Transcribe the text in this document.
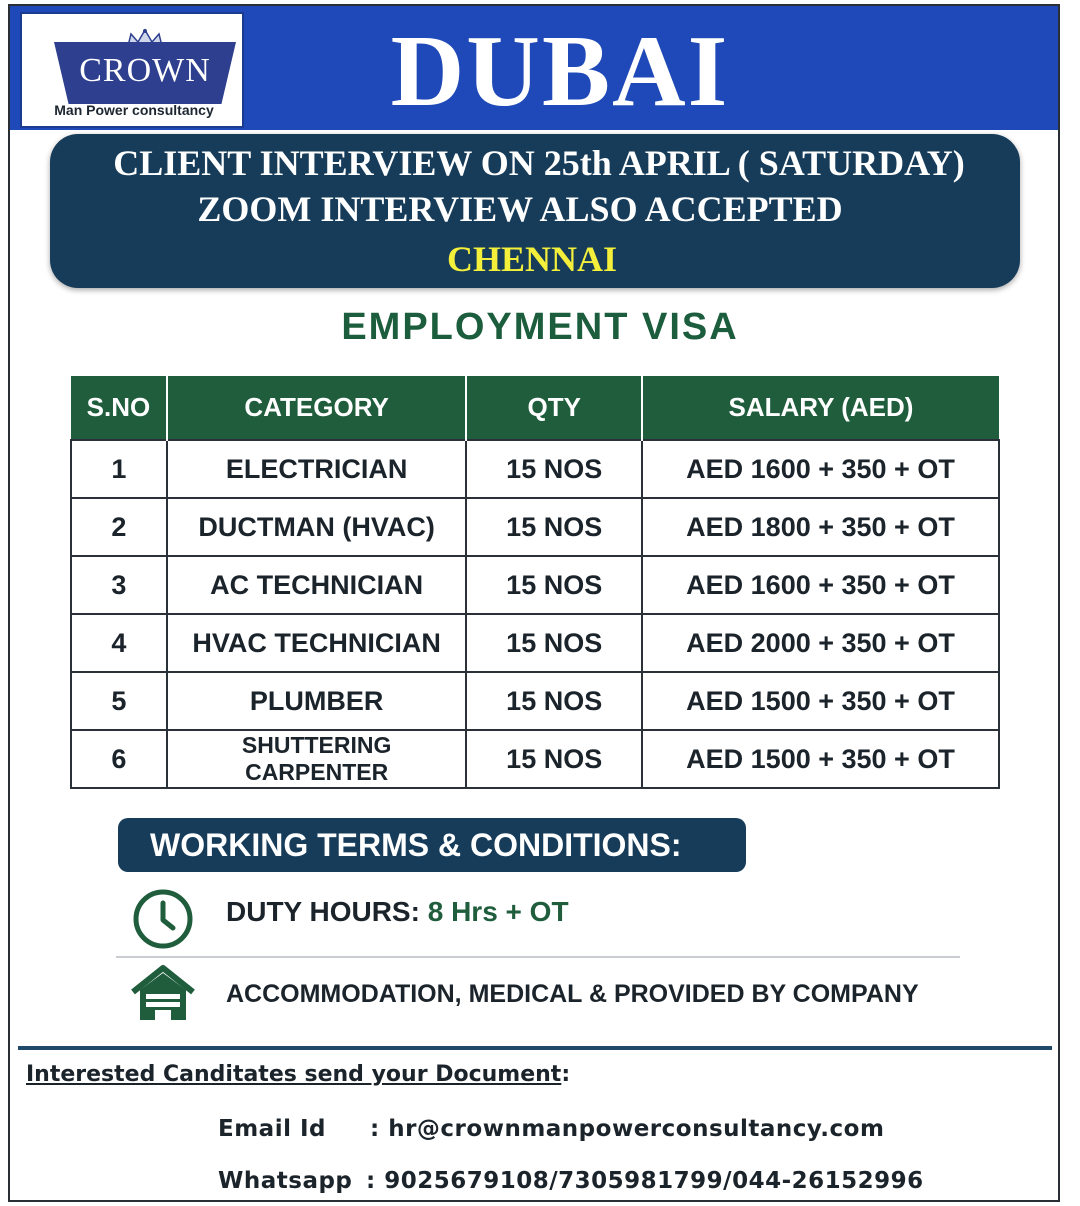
DUBAI
CROWN
Man Power consultancy
CLIENT INTERVIEW ON 25th APRIL ( SATURDAY)
ZOOM INTERVIEW ALSO ACCEPTED
CHENNAI
EMPLOYMENT VISA
S.NO	CATEGORY	QTY	SALARY (AED)
1	ELECTRICIAN	15 NOS	AED 1600 + 350 + OT
2	DUCTMAN (HVAC)	15 NOS	AED 1800 + 350 + OT
3	AC TECHNICIAN	15 NOS	AED 1600 + 350 + OT
4	HVAC TECHNICIAN	15 NOS	AED 2000 + 350 + OT
5	PLUMBER	15 NOS	AED 1500 + 350 + OT
6	SHUTTERING CARPENTER	15 NOS	AED 1500 + 350 + OT
WORKING TERMS & CONDITIONS:
DUTY HOURS: 8 Hrs + OT
ACCOMMODATION, MEDICAL & PROVIDED BY COMPANY
Interested Canditates send your Document:
Email Id : hr@crownmanpowerconsultancy.com
Whatsapp : 9025679108/7305981799/044-26152996
